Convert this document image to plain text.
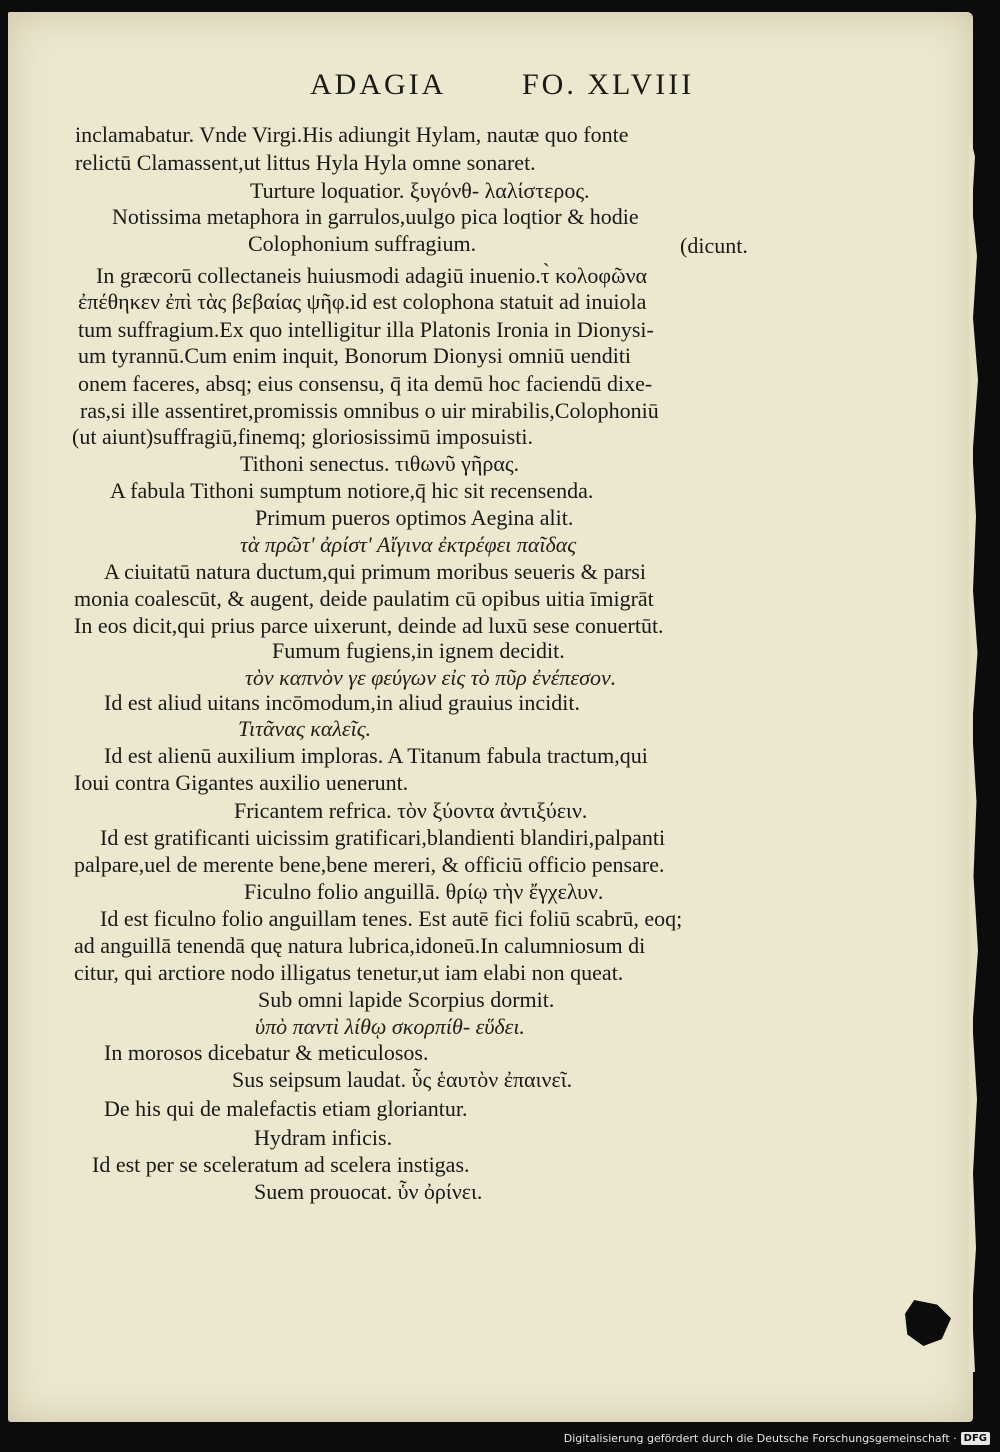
ADAGIA	FO. XLVIII
inclamabatur. Vnde Virgi.His adiungit Hylam, nautæ quo fonte
relictū Clamassent,ut littus Hyla Hyla omne sonaret.
Turture loquatior. ξυγόνθ- λαλίστερος.
Notissima metaphora in garrulos,uulgo pica loqtior & hodie
Colophonium suffragium.	(dicunt.
In græcorū collectaneis huiusmodi adagiū inuenio.τ̀ κολοφῶνα
ἐπέθηκεν ἐπὶ τὰς βεβαίας ψῆφ.id est colophona statuit ad inuiola
tum suffragium.Ex quo intelligitur illa Platonis Ironia in Dionysi-
um tyrannū.Cum enim inquit, Bonorum Dionysi omniū uenditi
onem faceres, absq; eius consensu, q̄ ita demū hoc faciendū dixe-
ras,si ille assentiret,promissis omnibus o uir mirabilis,Colophoniū
(ut aiunt)suffragiū,finemq; gloriosissimū imposuisti.
Tithoni senectus. τιθωνῦ γῆρας.
A fabula Tithoni sumptum notiore,q̄ hic sit recensenda.
Primum pueros optimos Aegina alit.
τὰ πρῶτ' ἀρίστ' Αἴγινα ἐκτρέφει παῖδας
A ciuitatū natura ductum,qui primum moribus seueris & parsi
monia coalescūt, & augent, deide paulatim cū opibus uitia īmigrāt
In eos dicit,qui prius parce uixerunt, deinde ad luxū sese conuertūt.
Fumum fugiens,in ignem decidit.
τὸν καπνὸν γε φεύγων εἰς τὸ πῦρ ἐνέπεσον.
Id est aliud uitans incōmodum,in aliud grauius incidit.
Τιτᾶνας καλεῖς.
Id est alienū auxilium imploras. A Titanum fabula tractum,qui
Ioui contra Gigantes auxilio uenerunt.
Fricantem refrica. τὸν ξύοντα ἀντιξύειν.
Id est gratificanti uicissim gratificari,blandienti blandiri,palpanti
palpare,uel de merente bene,bene mereri, & officiū officio pensare.
Ficulno folio anguillā. θρίῳ τὴν ἔγχελυν.
Id est ficulno folio anguillam tenes. Est autē fici foliū scabrū, eoq;
ad anguillā tenendā quę natura lubrica,idoneū.In calumniosum di
citur, qui arctiore nodo illigatus tenetur,ut iam elabi non queat.
Sub omni lapide Scorpius dormit.
ὑπὸ παντὶ λίθῳ σκορπίθ- εὕδει.
In morosos dicebatur & meticulosos.
Sus seipsum laudat. ὗς ἑαυτὸν ἐπαινεῖ.
De his qui de malefactis etiam gloriantur.
Hydram inficis.
Id est per se sceleratum ad scelera instigas.
Suem prouocat. ὗν ὀρίνει.
Digitalisierung gefördert durch die Deutsche Forschungsgemeinschaft · DFG
